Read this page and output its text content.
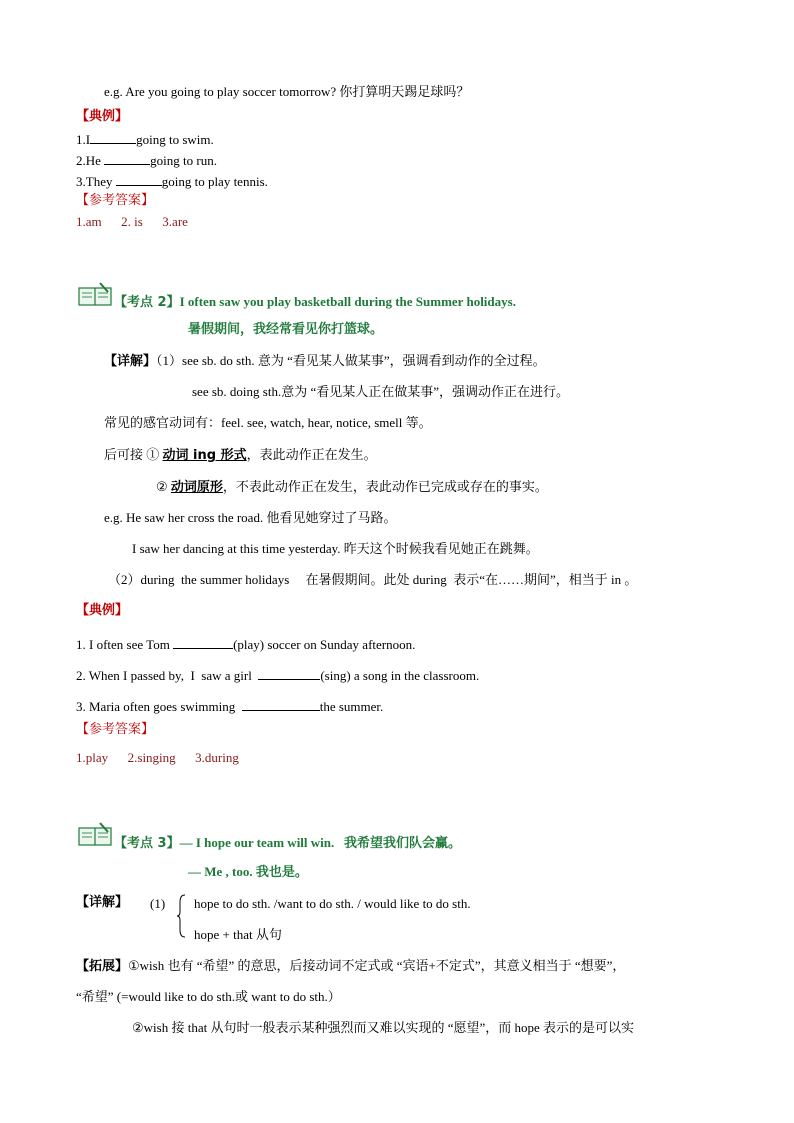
e.g. Are you going to play soccer tomorrow? 你打算明天踢足球吗？
【典例】
1.I	going to swim.
2.He	going to run.
3.They	going to play tennis.
【参考答案】
1.am      2. is      3.are
【考点 2】I often saw you play basketball during the Summer holidays.
暑假期间，我经常看见你打篮球。
【详解】（1）see sb. do sth. 意为 “看见某人做某事”，强调看到动作的全过程。
see sb. doing sth.意为 “看见某人正在做某事”，强调动作正在进行。
常见的感官动词有：feel. see, watch, hear, notice, smell 等。
后可接 ① 动词 ing 形式，表此动作正在发生。
② 动词原形，不表此动作正在发生，表此动作已完成或存在的事实。
e.g. He saw her cross the road. 他看见她穿过了马路。
I saw her dancing at this time yesterday. 昨天这个时候我看见她正在跳舞。
（2）during  the summer holidays     在暑假期间。此处 during  表示“在……期间”，相当于 in 。
【典例】
1. I often see Tom	(play) soccer on Sunday afternoon.
2. When I passed by,  I  saw a girl	(sing) a song in the classroom.
3. Maria often goes swimming	the summer.
【参考答案】
1.play      2.singing      3.during
【考点 3】— I hope our team will win.   我希望我们队会赢。
— Me , too. 我也是。
【详解】 (1) hope to do sth. /want to do sth. / would like to do sth.
hope + that 从句
【拓展】①wish 也有 “希望” 的意思，后接动词不定式或 “宾语+不定式”，其意义相当于 “想要”，
“希望” (=would like to do sth.或 want to do sth.）
②wish 接 that 从句时一般表示某种强烈而又难以实现的 “愿望”，而 hope 表示的是可以实
